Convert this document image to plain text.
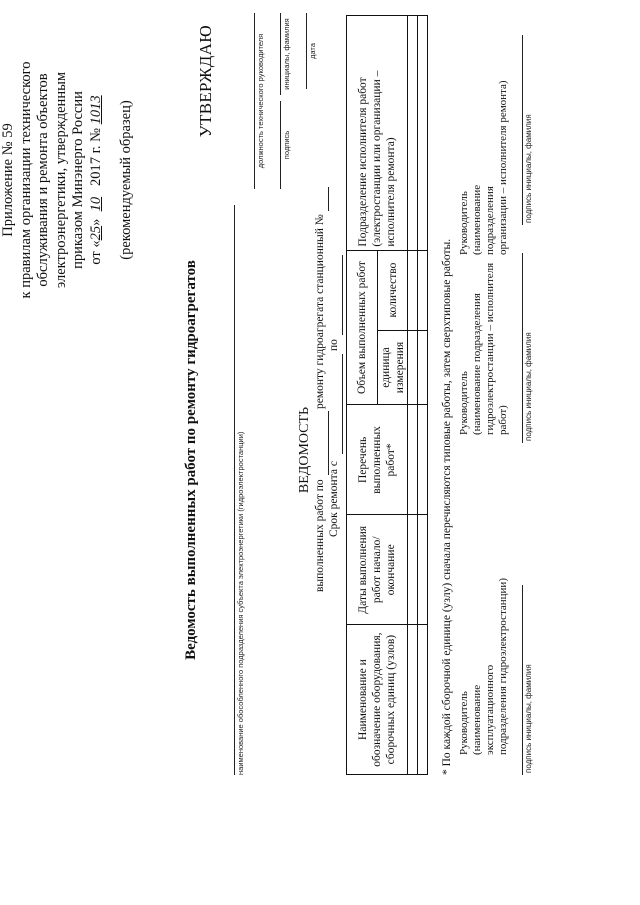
Приложение № 59 к правилам организации технического обслуживания и ремонта объектов электроэнергетики, утвержденным приказом Минэнерго России от «25»  10   2017 г. № 1013 (рекомендуемый образец)
УТВЕРЖДАЮ	должность технического руководителя подпись
инициалы, фамилия дата
Ведомость выполненных работ по ремонту гидроагрегатов	наименование обособленного подразделения субъекта электроэнергетики (гидроэлектростанции)	ВЕДОМОСТЬ
выполненных работ по
ремонту гидроагрегата станционный №
Срок ремонта с
по
Наименование и обозначение оборудования, сборочных единиц (узлов)	Даты выполнения работ начало/окончание	Перечень выполненных работ*	Объем выполненных работ		Подразделение исполнителя работ (электростанции или организации – исполнителя ремонта)
			единица измерения	количество	

						* По каждой сборочной единице (узлу) сначала перечисляются типовые работы, затем сверхтиповые работы. Руководитель (наименование эксплуатационного подразделения гидроэлектростанции) подпись инициалы, фамилия
Руководитель (наименование подразделения гидроэлектростанции – исполнителя работ) подпись инициалы, фамилия
Руководитель (наименование подразделения организации – исполнителя ремонта) подпись инициалы, фамилия
